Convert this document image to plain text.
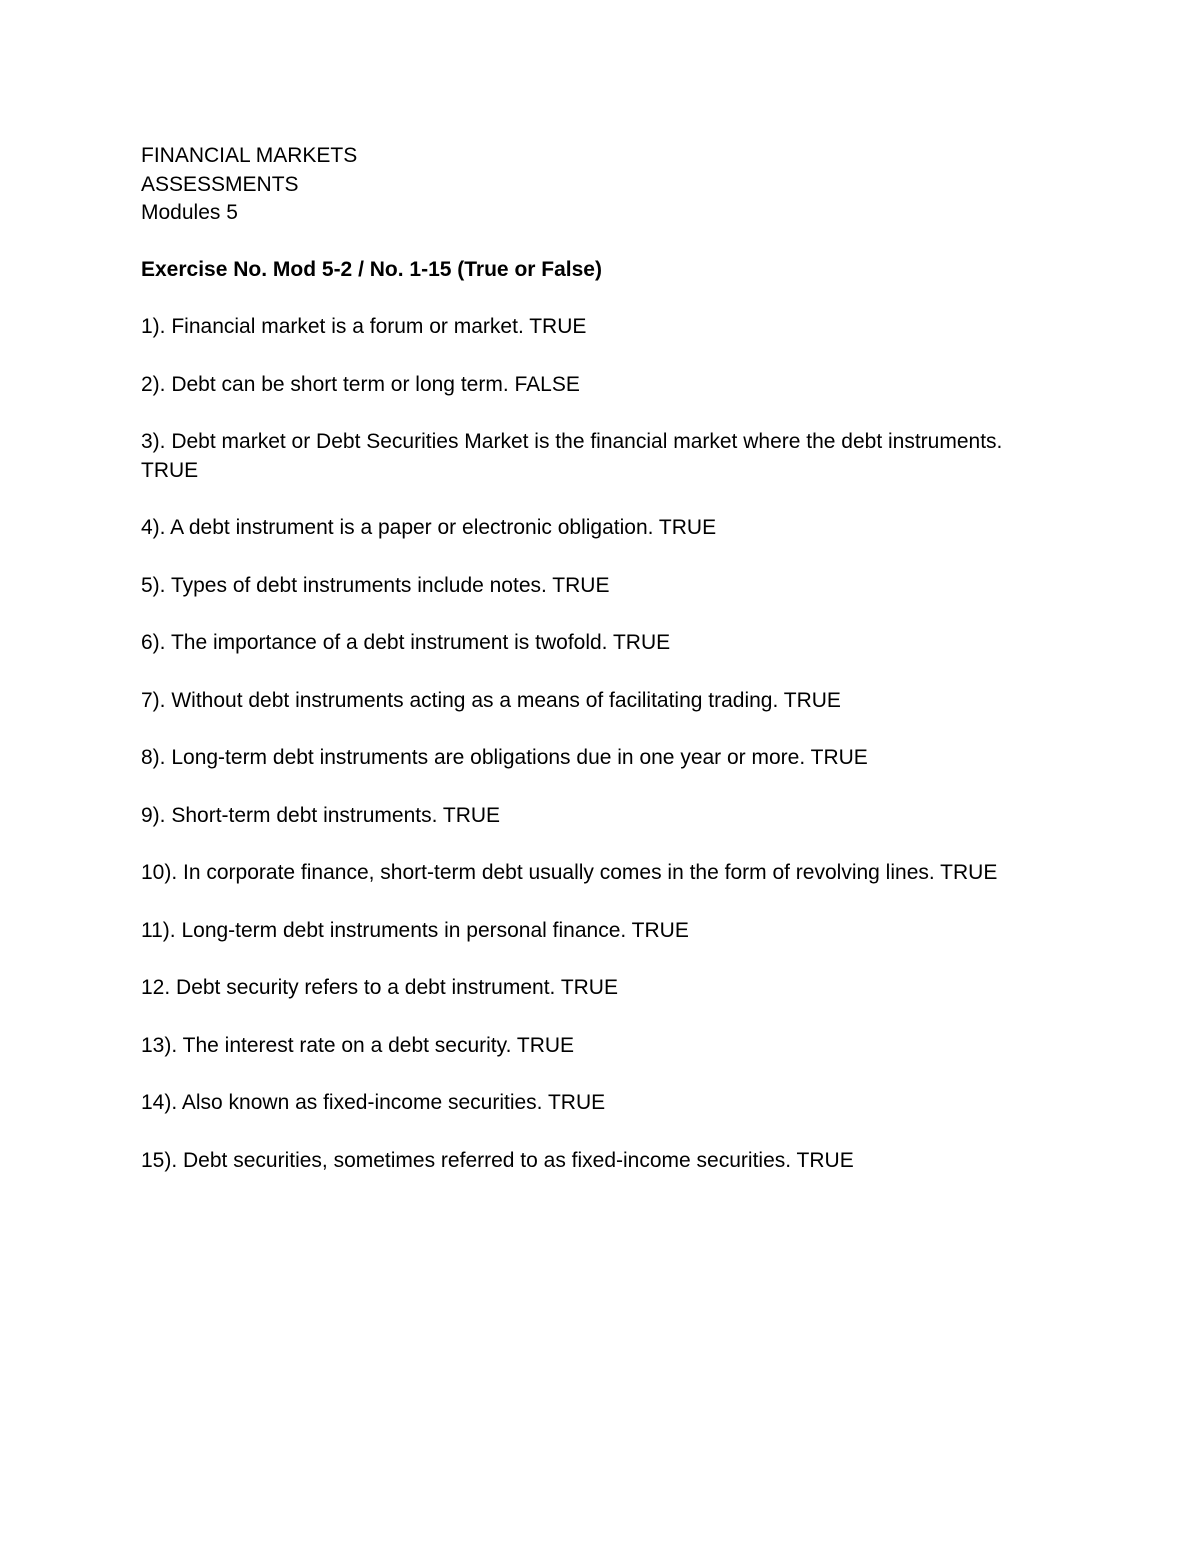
FINANCIAL MARKETS

ASSESSMENTS

Modules 5

Exercise No. Mod 5-2 / No. 1-15 (True or False)

1). Financial market is a forum or market. TRUE
2). Debt can be short term or long term. FALSE
3). Debt market or Debt Securities Market is the financial market where the debt instruments. TRUE
4). A debt instrument is a paper or electronic obligation. TRUE
5). Types of debt instruments include notes. TRUE
6). The importance of a debt instrument is twofold. TRUE
7). Without debt instruments acting as a means of facilitating trading. TRUE
8). Long-term debt instruments are obligations due in one year or more. TRUE
9). Short-term debt instruments. TRUE
10). In corporate finance, short-term debt usually comes in the form of revolving lines. TRUE
11). Long-term debt instruments in personal finance. TRUE
12. Debt security refers to a debt instrument. TRUE
13). The interest rate on a debt security. TRUE
14). Also known as fixed-income securities. TRUE
15). Debt securities, sometimes referred to as fixed-income securities. TRUE
